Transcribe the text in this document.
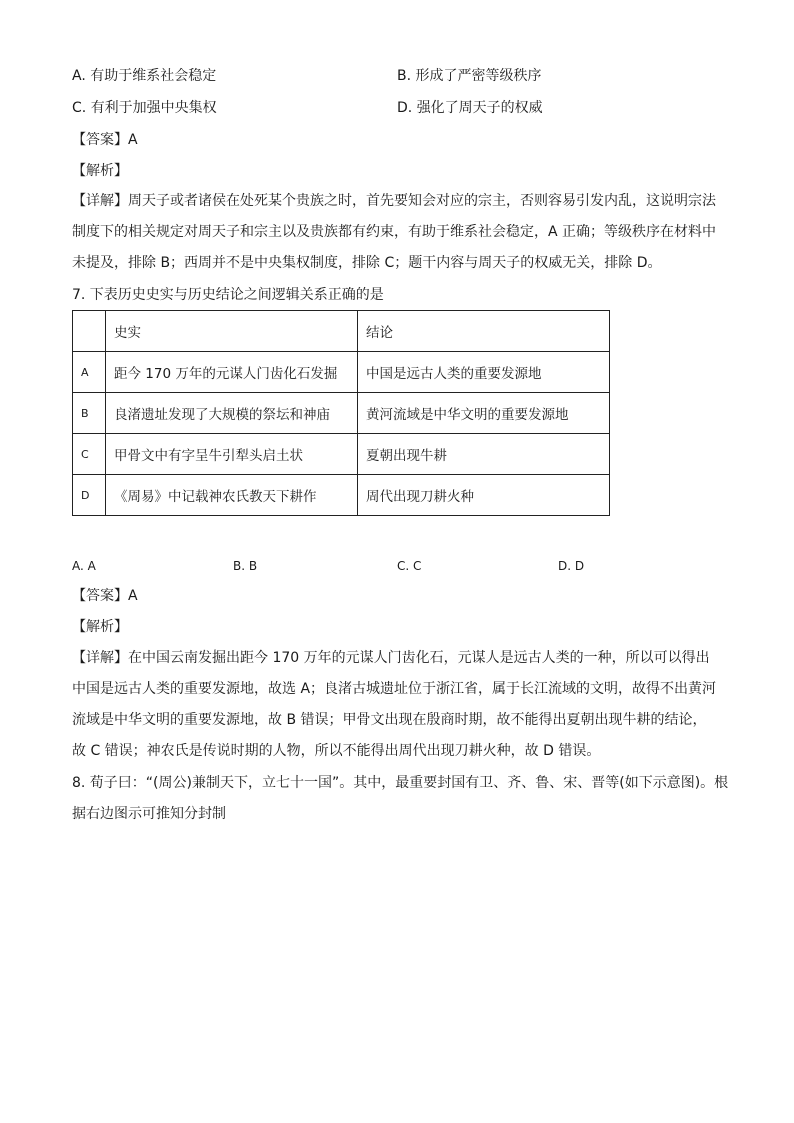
A. 有助于维系社会稳定	B. 形成了严密等级秩序
C. 有利于加强中央集权	D. 强化了周天子的权威
【答案】A
【解析】
【详解】周天子或者诸侯在处死某个贵族之时，首先要知会对应的宗主，否则容易引发内乱，这说明宗法
制度下的相关规定对周天子和宗主以及贵族都有约束，有助于维系社会稳定，A 正确；等级秩序在材料中
未提及，排除 B；西周并不是中央集权制度，排除 C；题干内容与周天子的权威无关，排除 D。
7. 下表历史史实与历史结论之间逻辑关系正确的是
	史实	结论
A	距今 170 万年的元谋人门齿化石发掘	中国是远古人类的重要发源地
B	良渚遗址发现了大规模的祭坛和神庙	黄河流域是中华文明的重要发源地
C	甲骨文中有字呈牛引犁头启土状	夏朝出现牛耕
D	《周易》中记载神农氏教天下耕作	周代出现刀耕火种
A. A	B. B	C. C	D. D
【答案】A
【解析】
【详解】在中国云南发掘出距今 170 万年的元谋人门齿化石，元谋人是远古人类的一种，所以可以得出
中国是远古人类的重要发源地，故选 A；良渚古城遗址位于浙江省，属于长江流域的文明，故得不出黄河
流域是中华文明的重要发源地，故 B 错误；甲骨文出现在殷商时期，故不能得出夏朝出现牛耕的结论，
故 C 错误；神农氏是传说时期的人物，所以不能得出周代出现刀耕火种，故 D 错误。
8. 荀子曰：“(周公)兼制天下，立七十一国”。其中，最重要封国有卫、齐、鲁、宋、晋等(如下示意图)。根
据右边图示可推知分封制
